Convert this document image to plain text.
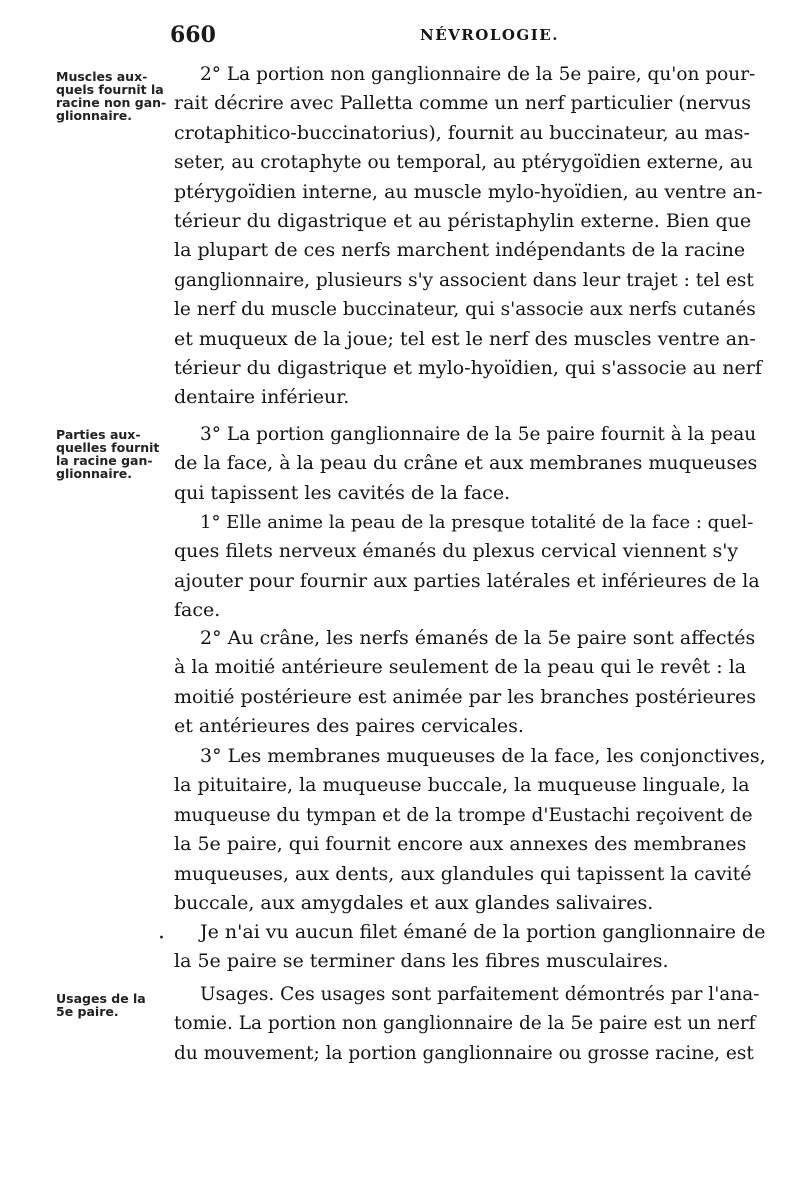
660	NÉVROLOGIE.
Muscles aux-
quels fournit la
racine non gan-
glionnaire.
Parties aux-
quelles fournit
la racine gan-
glionnaire.
Usages de la
5e paire.
2° La portion non ganglionnaire de la 5e paire, qu'on pour-
rait décrire avec Palletta comme un nerf particulier (nervus
crotaphitico-buccinatorius), fournit au buccinateur, au mas-
seter, au crotaphyte ou temporal, au ptérygoïdien externe, au
ptérygoïdien interne, au muscle mylo-hyoïdien, au ventre an-
térieur du digastrique et au péristaphylin externe. Bien que
la plupart de ces nerfs marchent indépendants de la racine
ganglionnaire, plusieurs s'y associent dans leur trajet : tel est
le nerf du muscle buccinateur, qui s'associe aux nerfs cutanés
et muqueux de la joue; tel est le nerf des muscles ventre an-
térieur du digastrique et mylo-hyoïdien, qui s'associe au nerf
dentaire inférieur.
3° La portion ganglionnaire de la 5e paire fournit à la peau
de la face, à la peau du crâne et aux membranes muqueuses
qui tapissent les cavités de la face.
1° Elle anime la peau de la presque totalité de la face : quel-
ques filets nerveux émanés du plexus cervical viennent s'y
ajouter pour fournir aux parties latérales et inférieures de la
face.
2° Au crâne, les nerfs émanés de la 5e paire sont affectés
à la moitié antérieure seulement de la peau qui le revêt : la
moitié postérieure est animée par les branches postérieures
et antérieures des paires cervicales.
3° Les membranes muqueuses de la face, les conjonctives,
la pituitaire, la muqueuse buccale, la muqueuse linguale, la
muqueuse du tympan et de la trompe d'Eustachi reçoivent de
la 5e paire, qui fournit encore aux annexes des membranes
muqueuses, aux dents, aux glandules qui tapissent la cavité
buccale, aux amygdales et aux glandes salivaires.
·	Je n'ai vu aucun filet émané de la portion ganglionnaire de
la 5e paire se terminer dans les fibres musculaires.
Usages. Ces usages sont parfaitement démontrés par l'ana-
tomie. La portion non ganglionnaire de la 5e paire est un nerf
du mouvement; la portion ganglionnaire ou grosse racine, est
